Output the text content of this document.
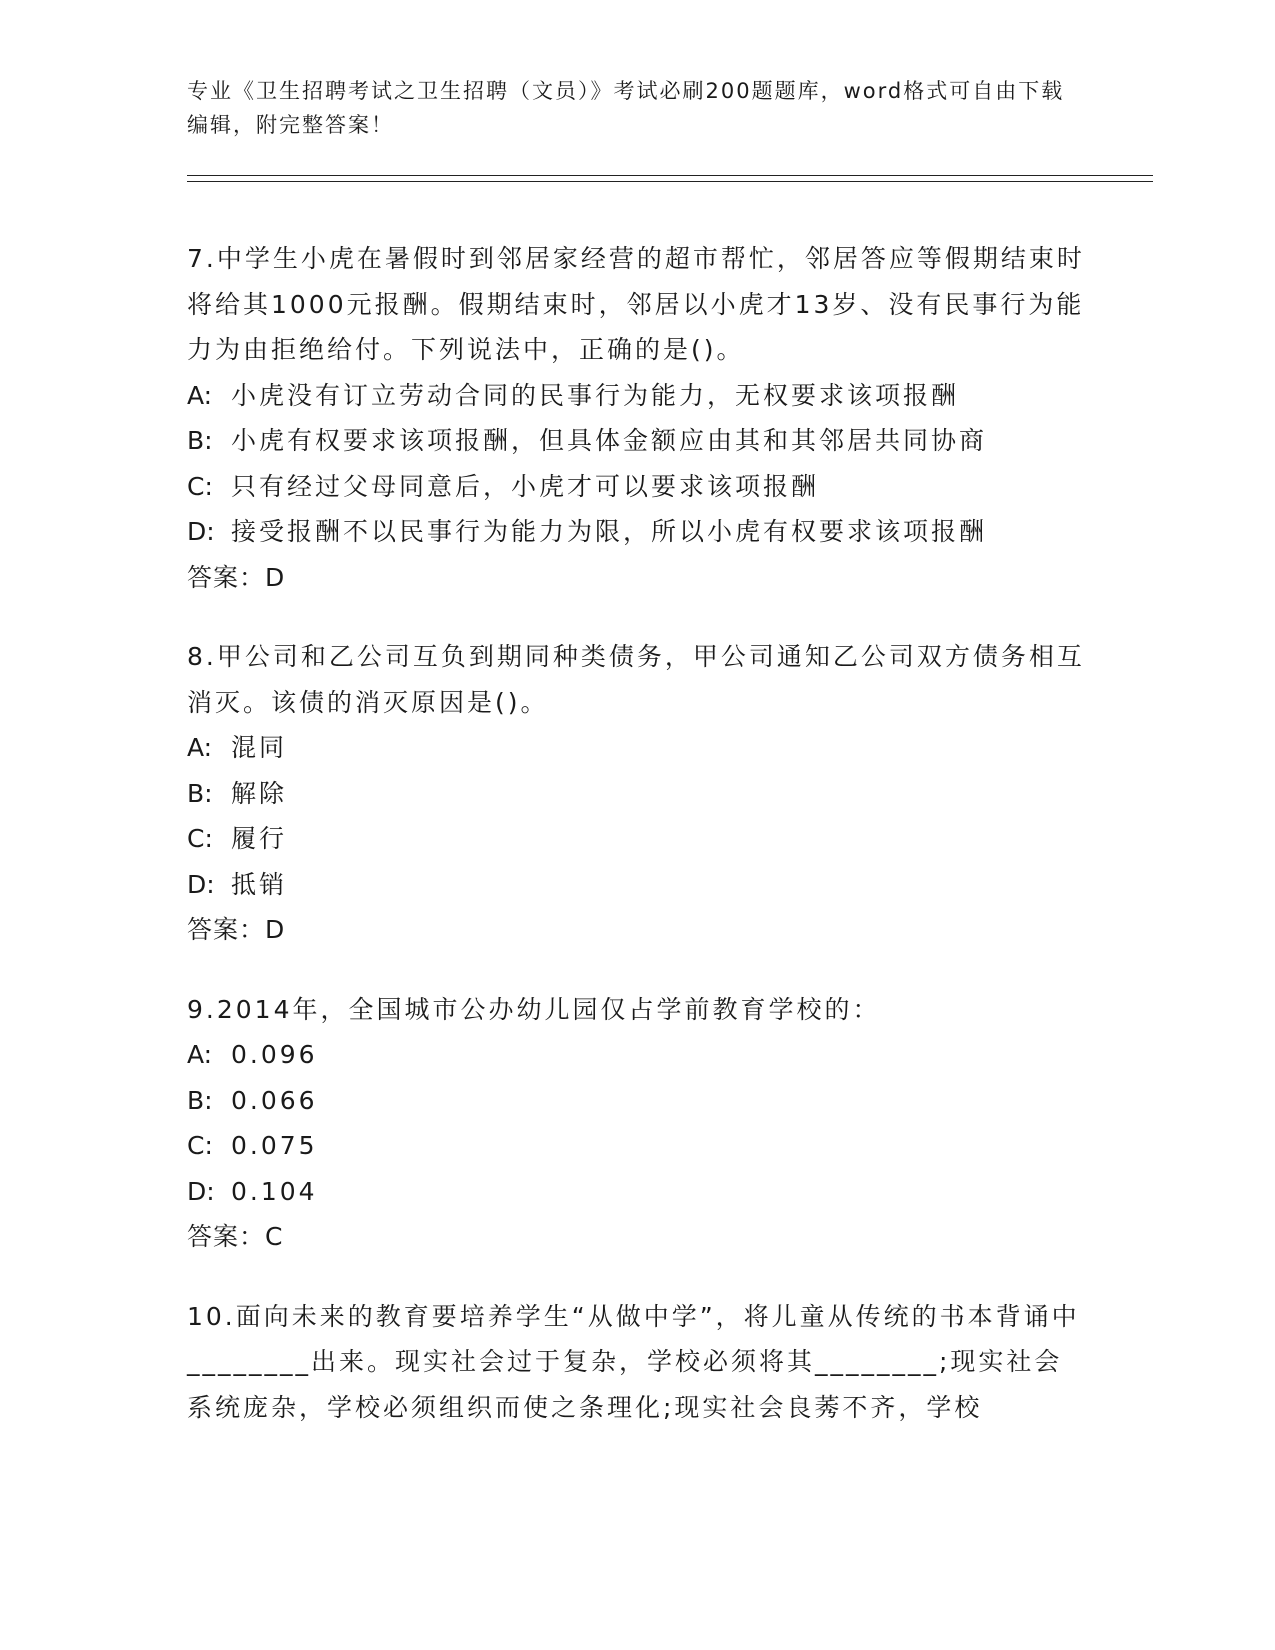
专业《卫生招聘考试之卫生招聘（文员）》考试必刷200题题库，word格式可自由下载编辑，附完整答案！

7.中学生小虎在暑假时到邻居家经营的超市帮忙，邻居答应等假期结束时将给其1000元报酬。假期结束时，邻居以小虎才13岁、没有民事行为能力为由拒绝给付。下列说法中，正确的是()。

A: 小虎没有订立劳动合同的民事行为能力，无权要求该项报酬

B: 小虎有权要求该项报酬，但具体金额应由其和其邻居共同协商

C: 只有经过父母同意后，小虎才可以要求该项报酬

D: 接受报酬不以民事行为能力为限，所以小虎有权要求该项报酬

答案：D

8.甲公司和乙公司互负到期同种类债务，甲公司通知乙公司双方债务相互消灭。该债的消灭原因是()。

A: 混同

B: 解除

C: 履行

D: 抵销

答案：D

9.2014年，全国城市公办幼儿园仅占学前教育学校的：

A: 0.096

B: 0.066

C: 0.075

D: 0.104

答案：C

10.面向未来的教育要培养学生“从做中学”，将儿童从传统的书本背诵中________出来。现实社会过于复杂，学校必须将其________;现实社会系统庞杂，学校必须组织而使之条理化;现实社会良莠不齐，学校
